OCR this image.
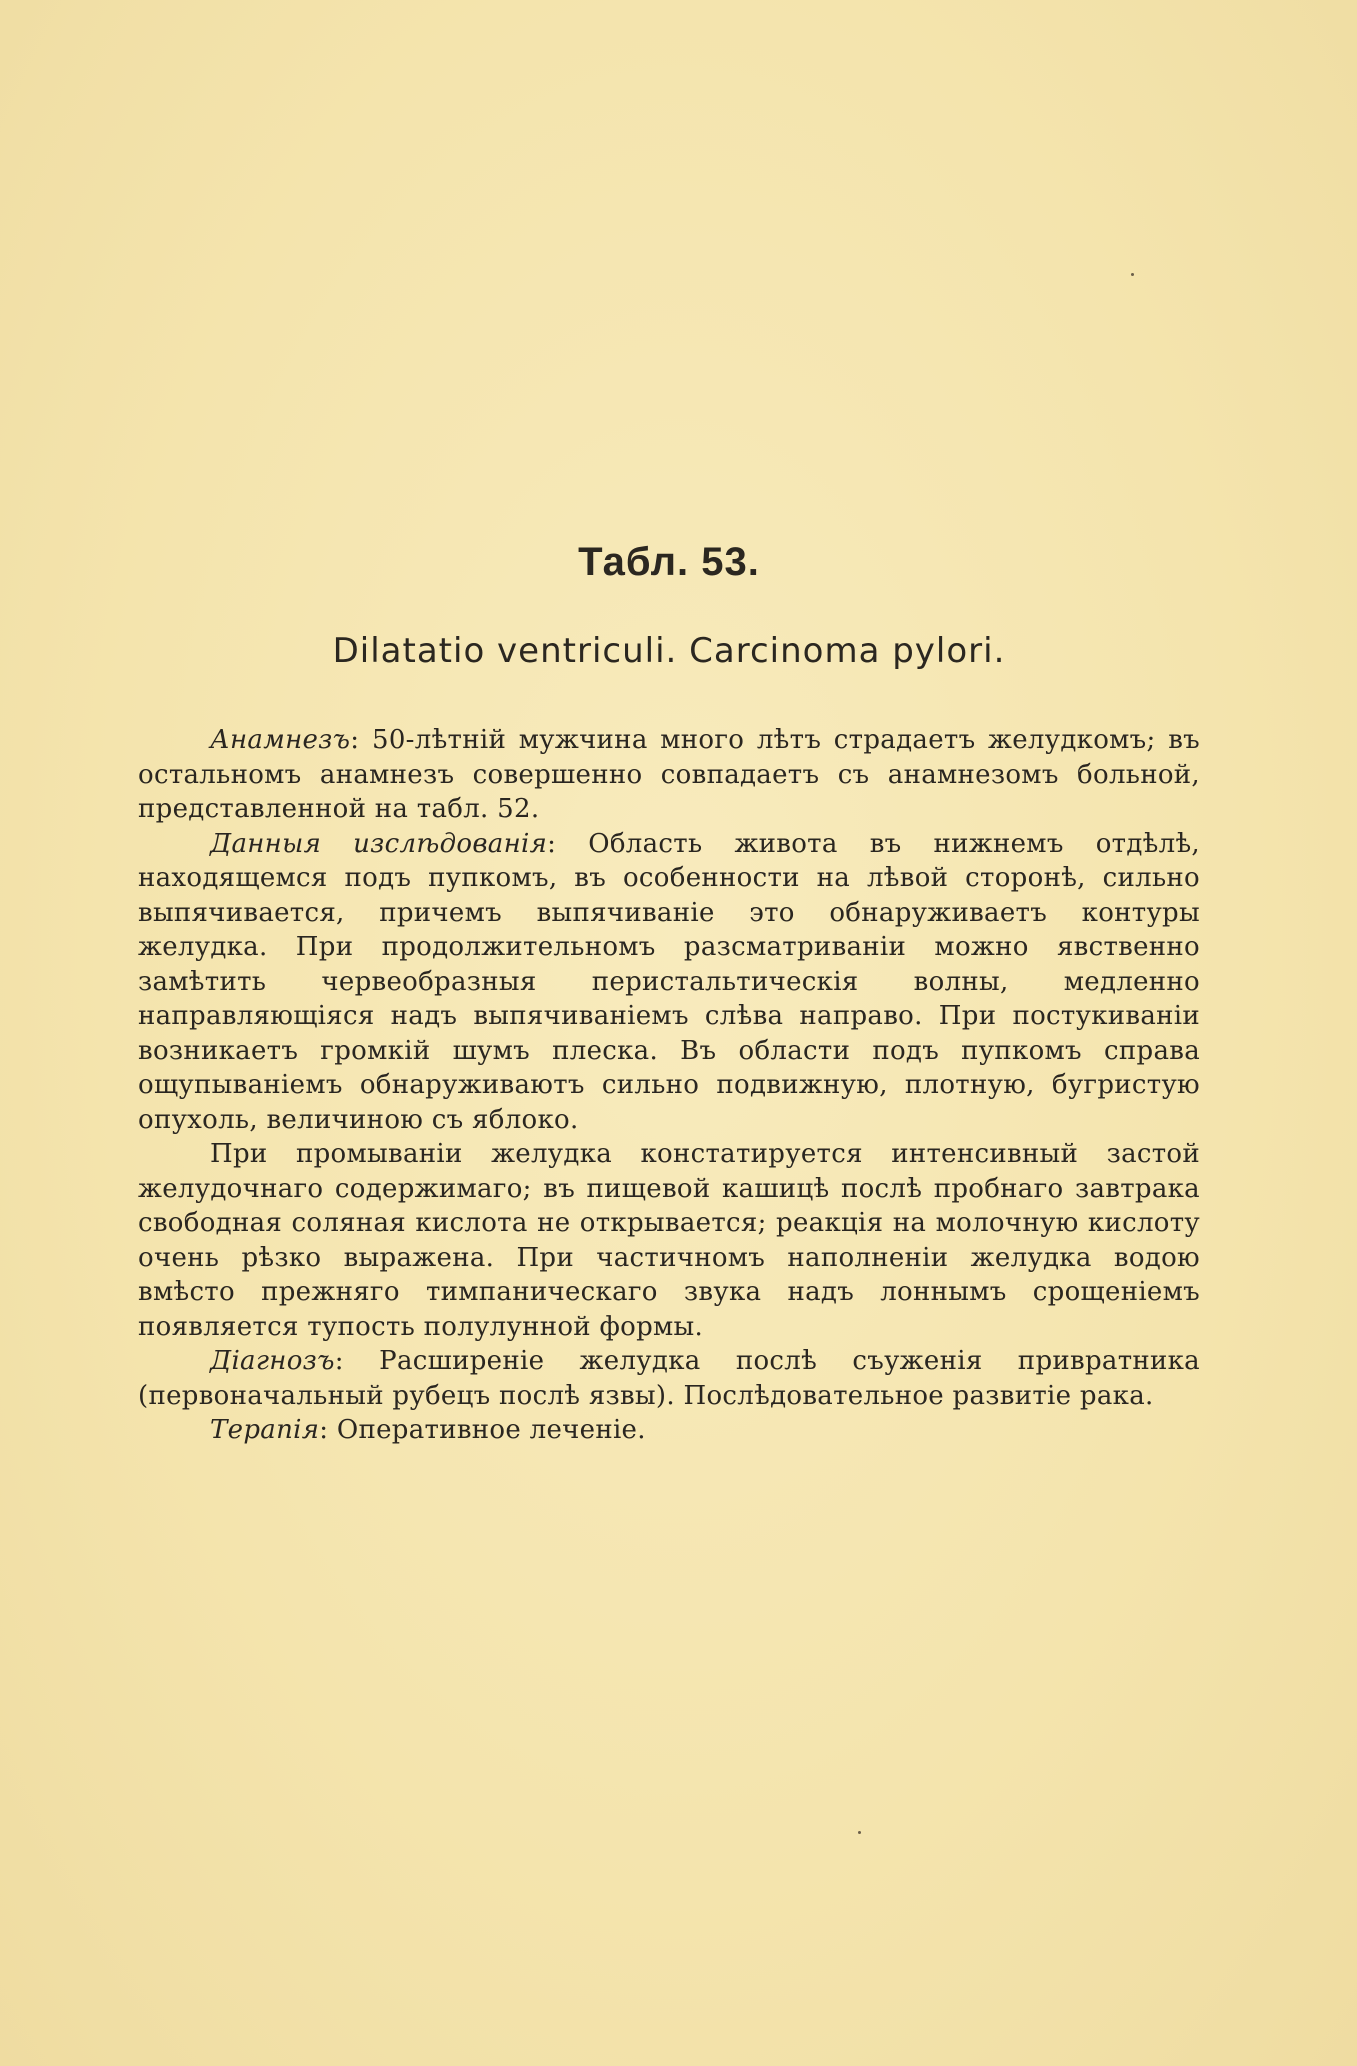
Табл. 53.
Dilatatio ventriculi. Carcinoma pylori.

Анамнезъ: 50-лѣтній мужчина много лѣтъ страдаетъ желудкомъ; въ остальномъ анамнезъ совершенно совпадаетъ съ анамнезомъ больной, представленной на табл. 52.

Данныя изслѣдованія: Область живота въ нижнемъ отдѣлѣ, находящемся подъ пупкомъ, въ особенности на лѣвой сторонѣ, сильно выпячивается, причемъ выпячиваніе это обнаруживаетъ контуры желудка. При продолжительномъ разсматриваніи можно явственно замѣтить червеобразныя перистальтическія волны, медленно направляющіяся надъ выпячиваніемъ слѣва направо. При постукиваніи возникаетъ громкій шумъ плеска. Въ области подъ пупкомъ справа ощупываніемъ обнаруживаютъ сильно подвижную, плотную, бугристую опухоль, величиною съ яблоко.

При промываніи желудка констатируется интенсивный застой желудочнаго содержимаго; въ пищевой кашицѣ послѣ пробнаго завтрака свободная соляная кислота не открывается; реакція на молочную кислоту очень рѣзко выражена. При частичномъ наполненіи желудка водою вмѣсто прежняго тимпаническаго звука надъ лоннымъ срощеніемъ появляется тупость полулунной формы.

Діагнозъ: Расширеніе желудка послѣ съуженія привратника (первоначальный рубецъ послѣ язвы). Послѣдовательное развитіе рака.

Терапія: Оперативное леченіе.
